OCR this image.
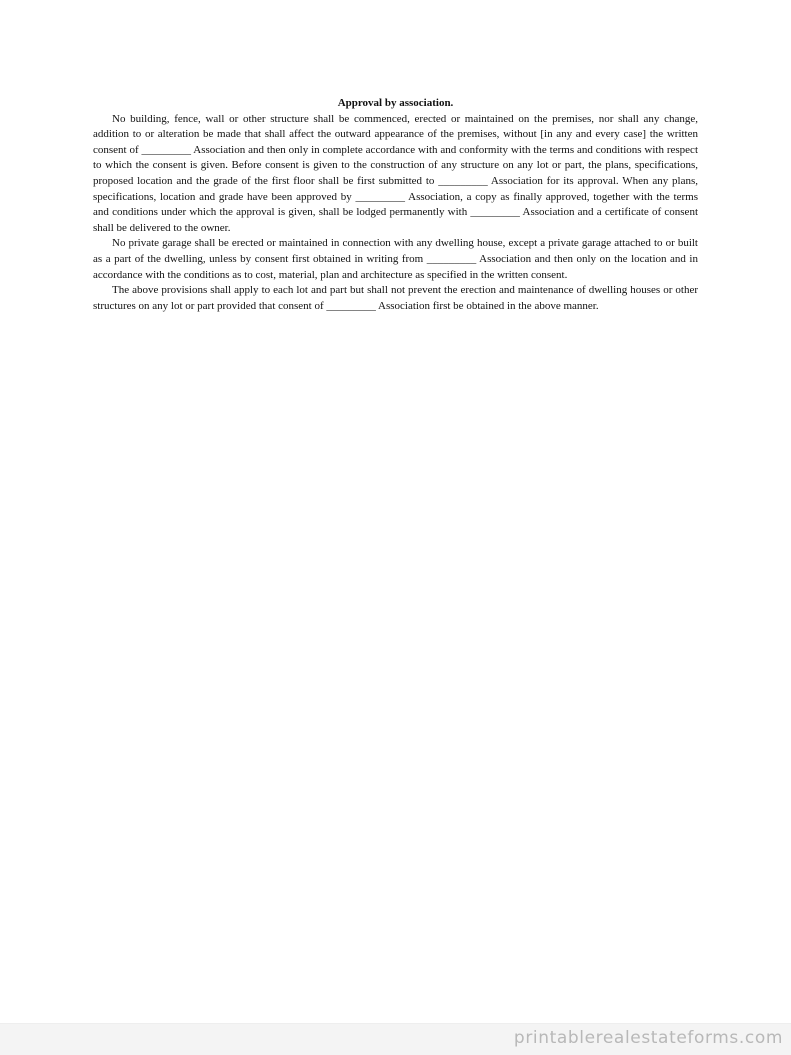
Approval by association.

No building, fence, wall or other structure shall be commenced, erected or maintained on the premises, nor shall any change, addition to or alteration be made that shall affect the outward appearance of the premises, without [in any and every case] the written consent of _________ Association and then only in complete accordance with and conformity with the terms and conditions with respect to which the consent is given. Before consent is given to the construction of any structure on any lot or part, the plans, specifications, proposed location and the grade of the first floor shall be first submitted to _________ Association for its approval. When any plans, specifications, location and grade have been approved by _________ Association, a copy as finally approved, together with the terms and conditions under which the approval is given, shall be lodged permanently with _________ Association and a certificate of consent shall be delivered to the owner.

No private garage shall be erected or maintained in connection with any dwelling house, except a private garage attached to or built as a part of the dwelling, unless by consent first obtained in writing from _________ Association and then only on the location and in accordance with the conditions as to cost, material, plan and architecture as specified in the written consent.

The above provisions shall apply to each lot and part but shall not prevent the erection and maintenance of dwelling houses or other structures on any lot or part provided that consent of _________ Association first be obtained in the above manner.

printablerealestateforms.com
